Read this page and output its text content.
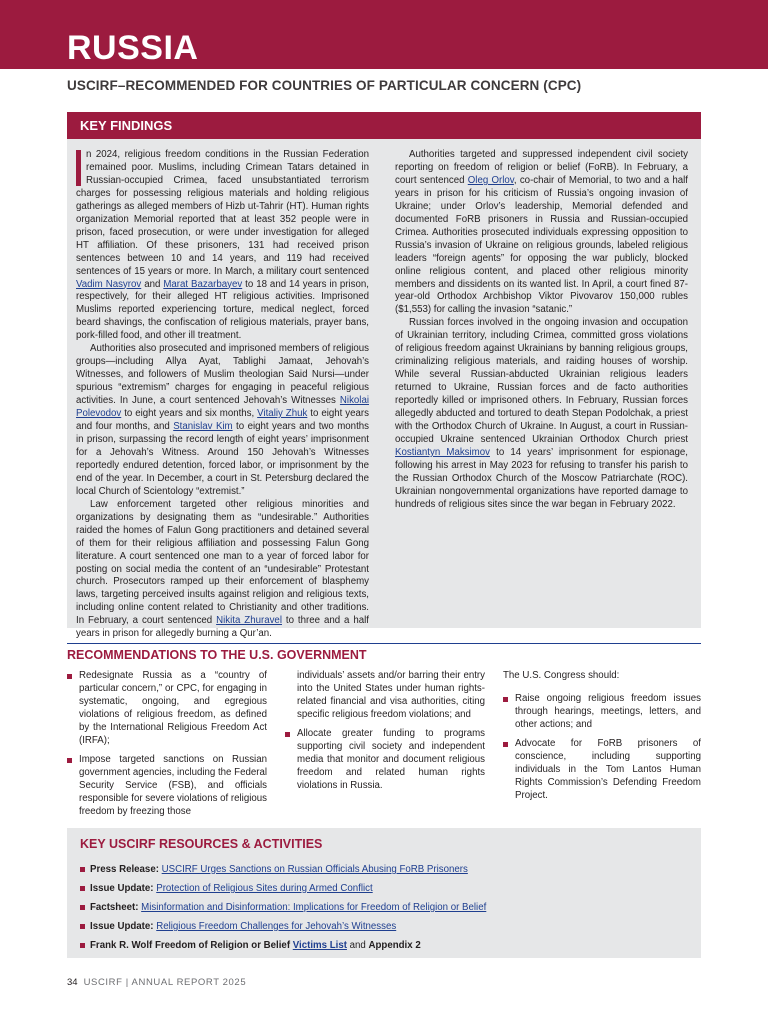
RUSSIA
USCIRF–RECOMMENDED FOR COUNTRIES OF PARTICULAR CONCERN (CPC)
KEY FINDINGS

n 2024, religious freedom conditions in the Russian Federation remained poor. Muslims, including Crimean Tatars detained in Russian-occupied Crimea, faced unsubstantiated terrorism charges for possessing religious materials and holding religious gatherings as alleged members of Hizb ut-Tahrir (HT). Human rights organization Memorial reported that at least 352 people were in prison, faced prosecution, or were under investigation for alleged HT affiliation. Of these prisoners, 131 had received prison sentences between 10 and 14 years, and 119 had received sentences of 15 years or more. In March, a military court sentenced Vadim Nasyrov and Marat Bazarbayev to 18 and 14 years in prison, respectively, for their alleged HT religious activities. Imprisoned Muslims reported experiencing torture, medical neglect, forced beard shavings, the confiscation of religious materials, prayer bans, pork-filled food, and other ill treatment.

Authorities also prosecuted and imprisoned members of religious groups—including Allya Ayat, Tablighi Jamaat, Jehovah’s Witnesses, and followers of Muslim theologian Said Nursi—under spurious “extremism” charges for engaging in peaceful religious activities. In June, a court sentenced Jehovah’s Witnesses Nikolai Polevodov to eight years and six months, Vitaliy Zhuk to eight years and four months, and Stanislav Kim to eight years and two months in prison, surpassing the record length of eight years’ imprisonment for a Jehovah’s Witness. Around 150 Jehovah’s Witnesses reportedly endured detention, forced labor, or imprisonment by the end of the year. In December, a court in St. Petersburg declared the local Church of Scientology “extremist.”

Law enforcement targeted other religious minorities and organizations by designating them as “undesirable.” Authorities raided the homes of Falun Gong practitioners and detained several of them for their religious affiliation and possessing Falun Gong literature. A court sentenced one man to a year of forced labor for posting on social media the content of an “undesirable” Protestant church. Prosecutors ramped up their enforcement of blasphemy laws, targeting perceived insults against religion and religious texts, including online content related to Christianity and other traditions. In February, a court sentenced Nikita Zhuravel to three and a half years in prison for allegedly burning a Qur’an.

Authorities targeted and suppressed independent civil society reporting on freedom of religion or belief (FoRB). In February, a court sentenced Oleg Orlov, co-chair of Memorial, to two and a half years in prison for his criticism of Russia’s ongoing invasion of Ukraine; under Orlov’s leadership, Memorial defended and documented FoRB prisoners in Russia and Russian-occupied Crimea. Authorities prosecuted individuals expressing opposition to Russia’s invasion of Ukraine on religious grounds, labeled religious leaders “foreign agents” for opposing the war publicly, blocked online religious content, and placed other religious minority members and dissidents on its wanted list. In April, a court fined 87-year-old Orthodox Archbishop Viktor Pivovarov 150,000 rubles ($1,553) for calling the invasion “satanic.”

Russian forces involved in the ongoing invasion and occupation of Ukrainian territory, including Crimea, committed gross violations of religious freedom against Ukrainians by banning religious groups, criminalizing religious materials, and raiding houses of worship. While several Russian-abducted Ukrainian religious leaders returned to Ukraine, Russian forces and de facto authorities reportedly killed or imprisoned others. In February, Russian forces allegedly abducted and tortured to death Stepan Podolchak, a priest with the Orthodox Church of Ukraine. In August, a court in Russian-occupied Ukraine sentenced Ukrainian Orthodox Church priest Kostiantyn Maksimov to 14 years’ imprisonment for espionage, following his arrest in May 2023 for refusing to transfer his parish to the Russian Orthodox Church of the Moscow Patriarchate (ROC). Ukrainian nongovernmental organizations have reported damage to hundreds of religious sites since the war began in February 2022.

RECOMMENDATIONS TO THE U.S. GOVERNMENT
Redesignate Russia as a “country of particular concern,” or CPC, for engaging in systematic, ongoing, and egregious violations of religious freedom, as defined by the International Religious Freedom Act (IRFA);
Impose targeted sanctions on Russian government agencies, including the Federal Security Service (FSB), and officials responsible for severe violations of religious freedom by freezing those
individuals’ assets and/or barring their entry into the United States under human rights-related financial and visa authorities, citing specific religious freedom violations; and
Allocate greater funding to programs supporting civil society and independent media that monitor and document religious freedom and related human rights violations in Russia.
The U.S. Congress should:
Raise ongoing religious freedom issues through hearings, meetings, letters, and other actions; and
Advocate for FoRB prisoners of conscience, including supporting individuals in the Tom Lantos Human Rights Commission’s Defending Freedom Project.
KEY USCIRF RESOURCES & ACTIVITIES
Press Release: USCIRF Urges Sanctions on Russian Officials Abusing FoRB Prisoners
Issue Update: Protection of Religious Sites during Armed Conflict
Factsheet: Misinformation and Disinformation: Implications for Freedom of Religion or Belief
Issue Update: Religious Freedom Challenges for Jehovah’s Witnesses
Frank R. Wolf Freedom of Religion or Belief Victims List and Appendix 2
34 USCIRF | ANNUAL REPORT 2025
